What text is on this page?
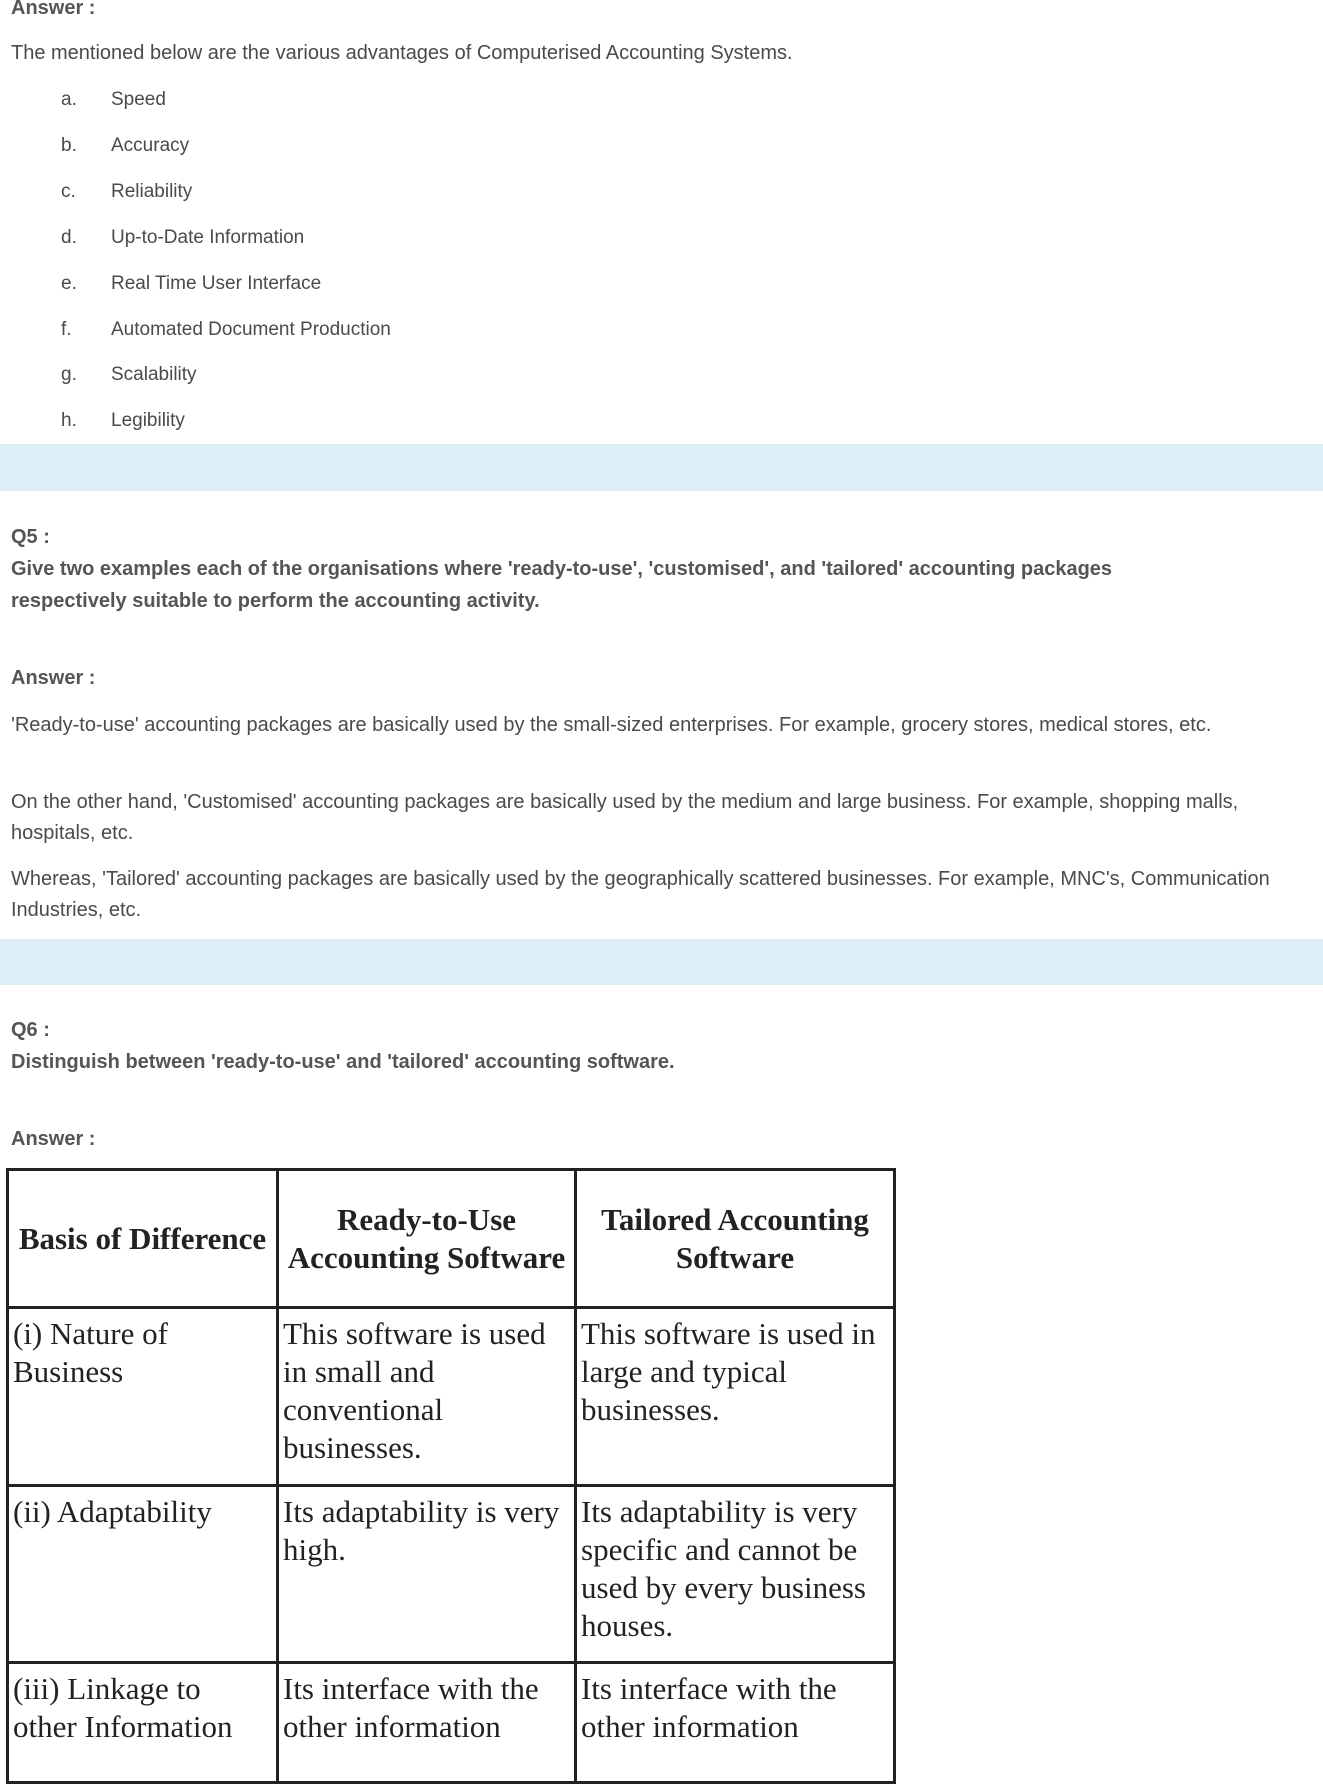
Answer :
The mentioned below are the various advantages of Computerised Accounting Systems.
a. Speed
b. Accuracy
c. Reliability
d. Up-to-Date Information
e. Real Time User Interface
f. Automated Document Production
g. Scalability
h. Legibility
Q5 :
Give two examples each of the organisations where 'ready-to-use', 'customised', and 'tailored' accounting packages
respectively suitable to perform the accounting activity.
Answer :
'Ready-to-use' accounting packages are basically used by the small-sized enterprises. For example, grocery stores, medical stores, etc.
On the other hand, 'Customised' accounting packages are basically used by the medium and large business. For example, shopping malls, hospitals, etc.
Whereas, 'Tailored' accounting packages are basically used by the geographically scattered businesses. For example, MNC's, Communication Industries, etc.
Q6 :
Distinguish between 'ready-to-use' and 'tailored' accounting software.
Answer :
Basis of Difference	Ready-to-Use Accounting Software	Tailored Accounting Software
(i) Nature of Business	This software is used in small and conventional businesses.	This software is used in large and typical businesses.
(ii) Adaptability	Its adaptability is very high.	Its adaptability is very specific and cannot be used by every business houses.
(iii) Linkage to other Information	Its interface with the other information	Its interface with the other information
